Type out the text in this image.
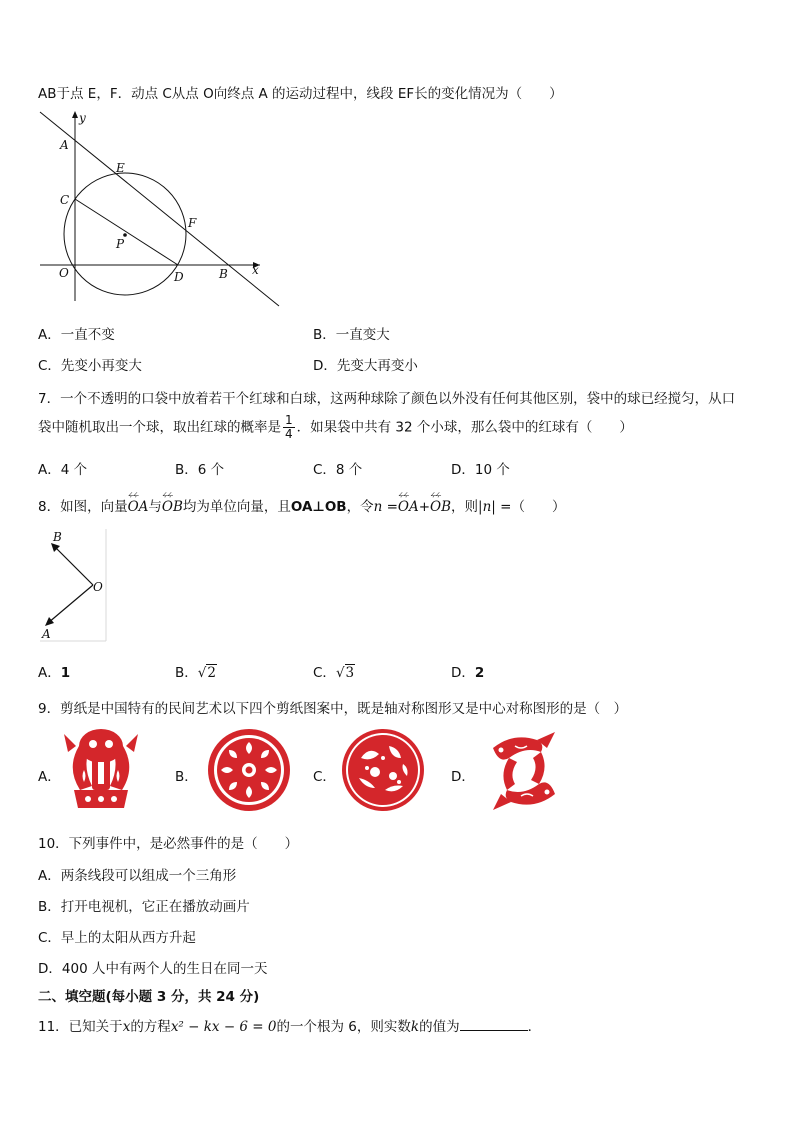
AB于点 E，F．动点 C从点 O向终点 A 的运动过程中，线段 EF长的变化情况为（　　）
y
x
A
E
C
F
P
O	D	B
A．一直不变	B．一直变大
C．先变小再变大	D．先变大再变小
7．一个不透明的口袋中放着若干个红球和白球，这两种球除了颜色以外没有任何其他区别，袋中的球已经搅匀，从口
袋中随机取出一个球，取出红球的概率是 $\frac{1}{4}$ ．如果袋中共有 32 个小球，那么袋中的红球有（　　）
A．4 个	B．6 个	C．8 个	D．10 个
8．如图，向量ഺഺ OA与ഺഺ OB均为单位向量，且OA⊥OB，令n =ഺഺ OA+ഺഺ OB，则|n| =（　　）
B
O
A
A．1	B．√2	C．√3	D．2
9．剪纸是中国特有的民间艺术以下四个剪纸图案中，既是轴对称图形又是中心对称图形的是（　）
A．	B．	C．	D．
10．下列事件中，是必然事件的是（　　）
A．两条线段可以组成一个三角形
B．打开电视机，它正在播放动画片
C．早上的太阳从西方升起
D．400 人中有两个人的生日在同一天
二、填空题(每小题 3 分，共 24 分)
11．已知关于x的方程x² − kx − 6 = 0的一个根为 6，则实数k的值为	．
